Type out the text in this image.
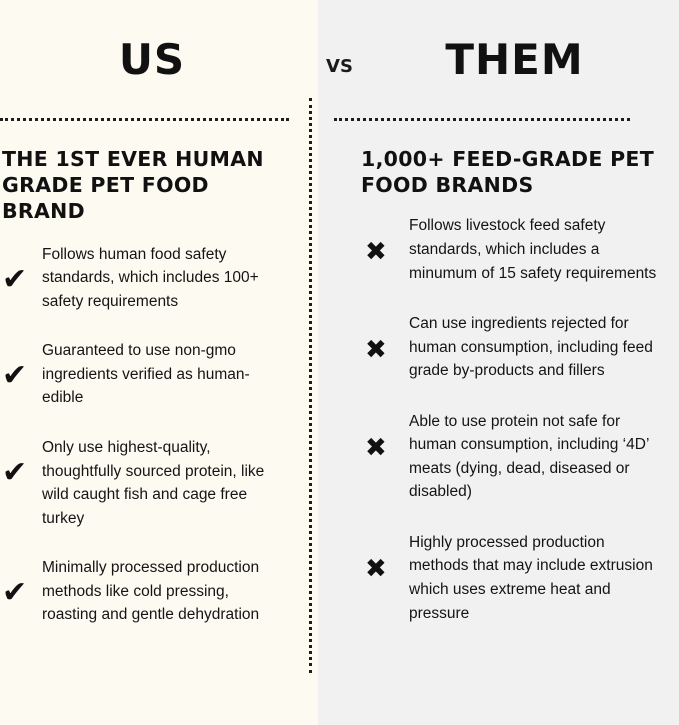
US
THE 1ST EVER HUMAN GRADE PET FOOD BRAND
✔
Follows human food safety standards, which includes 100+ safety requirements
✔
Guaranteed to use non-gmo ingredients verified as human-edible
✔
Only use highest-quality, thoughtfully sourced protein, like wild caught fish and cage free turkey
✔
Minimally processed production methods like cold pressing, roasting and gentle dehydration
THEM
1,000+ FEED-GRADE PET FOOD BRANDS
✖
Follows livestock feed safety standards, which includes a minumum of 15 safety requirements
✖
Can use ingredients rejected for human consumption, including feed grade by-products and fillers
✖
Able to use protein not safe for human consumption, including ‘4D’ meats (dying, dead, diseased or disabled)
✖
Highly processed production methods that may include extrusion which uses extreme heat and pressure
VS
